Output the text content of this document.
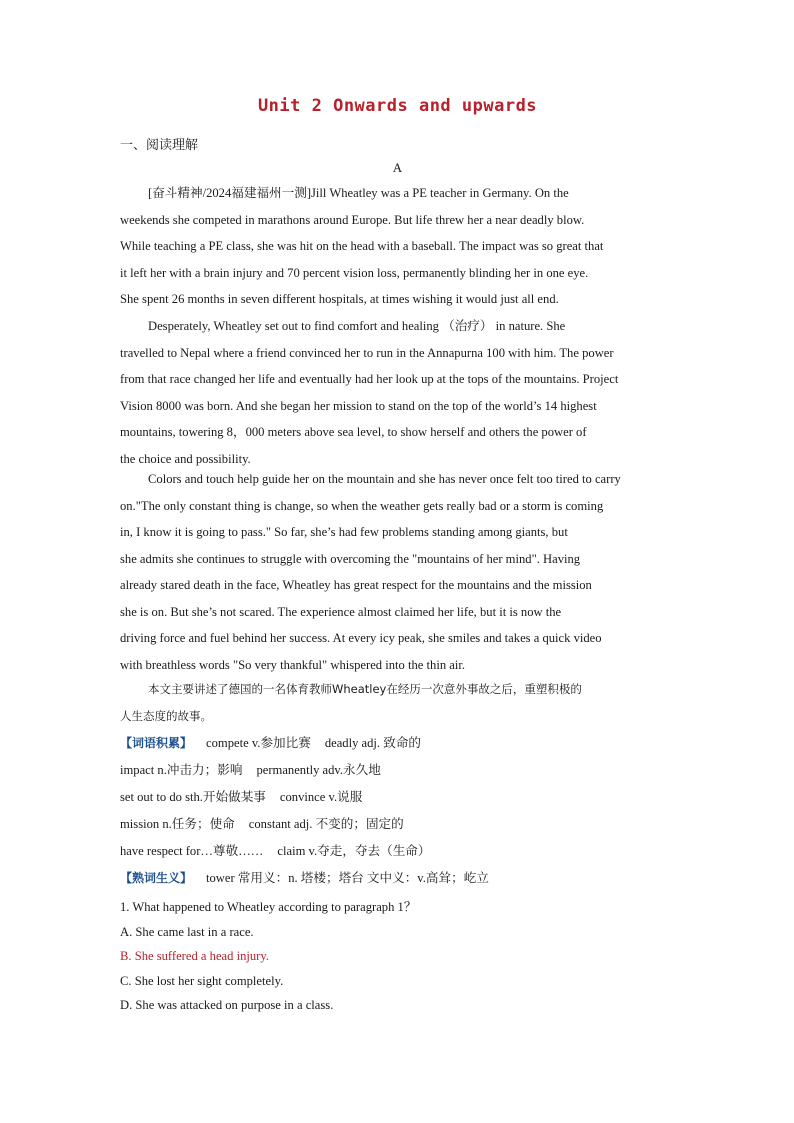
Unit 2 Onwards and upwards
一、阅读理解
A
[奋斗精神/2024福建福州一测]Jill Wheatley was a PE teacher in Germany. On the
weekends she competed in marathons around Europe. But life threw her a near deadly blow.
While teaching a PE class, she was hit on the head with a baseball. The impact was so great that
it left her with a brain injury and 70 percent vision loss, permanently blinding her in one eye.
She spent 26 months in seven different hospitals, at times wishing it would just all end.
Desperately, Wheatley set out to find comfort and healing （治疗） in nature. She
travelled to Nepal where a friend convinced her to run in the Annapurna 100 with him. The power
from that race changed her life and eventually had her look up at the tops of the mountains. Project
Vision 8000 was born. And she began her mission to stand on the top of the world’s 14 highest
mountains, towering 8，000 meters above sea level, to show herself and others the power of
the choice and possibility.
Colors and touch help guide her on the mountain and she has never once felt too tired to carry
on."The only constant thing is change, so when the weather gets really bad or a storm is coming
in, I know it is going to pass." So far, she’s had few problems standing among giants, but
she admits she continues to struggle with overcoming the "mountains of her mind". Having
already stared death in the face, Wheatley has great respect for the mountains and the mission
she is on. But she’s not scared. The experience almost claimed her life, but it is now the
driving force and fuel behind her success. At every icy peak, she smiles and takes a quick video
with breathless words "So very thankful" whispered into the thin air.
本文主要讲述了德国的一名体育教师Wheatley在经历一次意外事故之后，重塑积极的
人生态度的故事。
【词语积累】 compete v.参加比赛 deadly adj. 致命的
impact n.冲击力；影响 permanently adv.永久地
set out to do sth.开始做某事 convince v.说服
mission n.任务；使命 constant adj. 不变的；固定的
have respect for…尊敬…… claim v.夺走，夺去（生命）
【熟词生义】 tower 常用义：n. 塔楼；塔台 文中义：v.高耸；屹立
1. What happened to Wheatley according to paragraph 1？
A. She came last in a race.
B. She suffered a head injury.
C. She lost her sight completely.
D. She was attacked on purpose in a class.
